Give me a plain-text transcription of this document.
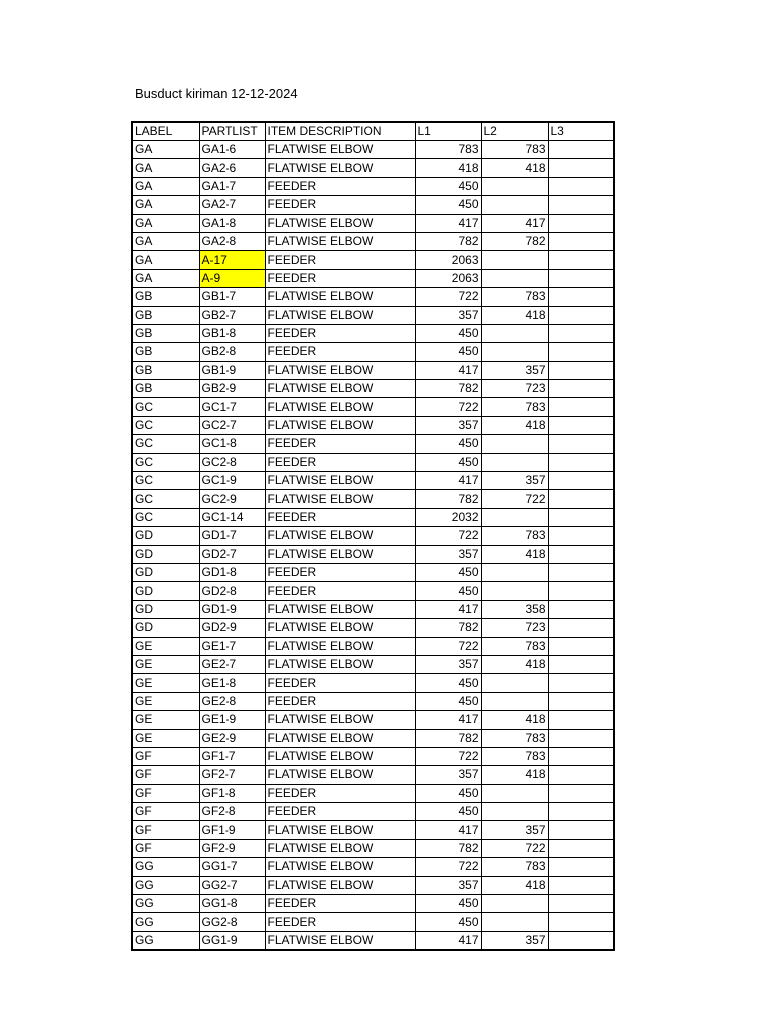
Busduct kiriman 12-12-2024
LABEL	PARTLIST	ITEM DESCRIPTION	L1	L2	L3
GA	GA1-6	FLATWISE ELBOW	783	783	
GA	GA2-6	FLATWISE ELBOW	418	418	
GA	GA1-7	FEEDER	450		
GA	GA2-7	FEEDER	450		
GA	GA1-8	FLATWISE ELBOW	417	417	
GA	GA2-8	FLATWISE ELBOW	782	782	
GA	A-17	FEEDER	2063		
GA	A-9	FEEDER	2063		
GB	GB1-7	FLATWISE ELBOW	722	783	
GB	GB2-7	FLATWISE ELBOW	357	418	
GB	GB1-8	FEEDER	450		
GB	GB2-8	FEEDER	450		
GB	GB1-9	FLATWISE ELBOW	417	357	
GB	GB2-9	FLATWISE ELBOW	782	723	
GC	GC1-7	FLATWISE ELBOW	722	783	
GC	GC2-7	FLATWISE ELBOW	357	418	
GC	GC1-8	FEEDER	450		
GC	GC2-8	FEEDER	450		
GC	GC1-9	FLATWISE ELBOW	417	357	
GC	GC2-9	FLATWISE ELBOW	782	722	
GC	GC1-14	FEEDER	2032		
GD	GD1-7	FLATWISE ELBOW	722	783	
GD	GD2-7	FLATWISE ELBOW	357	418	
GD	GD1-8	FEEDER	450		
GD	GD2-8	FEEDER	450		
GD	GD1-9	FLATWISE ELBOW	417	358	
GD	GD2-9	FLATWISE ELBOW	782	723	
GE	GE1-7	FLATWISE ELBOW	722	783	
GE	GE2-7	FLATWISE ELBOW	357	418	
GE	GE1-8	FEEDER	450		
GE	GE2-8	FEEDER	450		
GE	GE1-9	FLATWISE ELBOW	417	418	
GE	GE2-9	FLATWISE ELBOW	782	783	
GF	GF1-7	FLATWISE ELBOW	722	783	
GF	GF2-7	FLATWISE ELBOW	357	418	
GF	GF1-8	FEEDER	450		
GF	GF2-8	FEEDER	450		
GF	GF1-9	FLATWISE ELBOW	417	357	
GF	GF2-9	FLATWISE ELBOW	782	722	
GG	GG1-7	FLATWISE ELBOW	722	783	
GG	GG2-7	FLATWISE ELBOW	357	418	
GG	GG1-8	FEEDER	450		
GG	GG2-8	FEEDER	450		
GG	GG1-9	FLATWISE ELBOW	417	357	
